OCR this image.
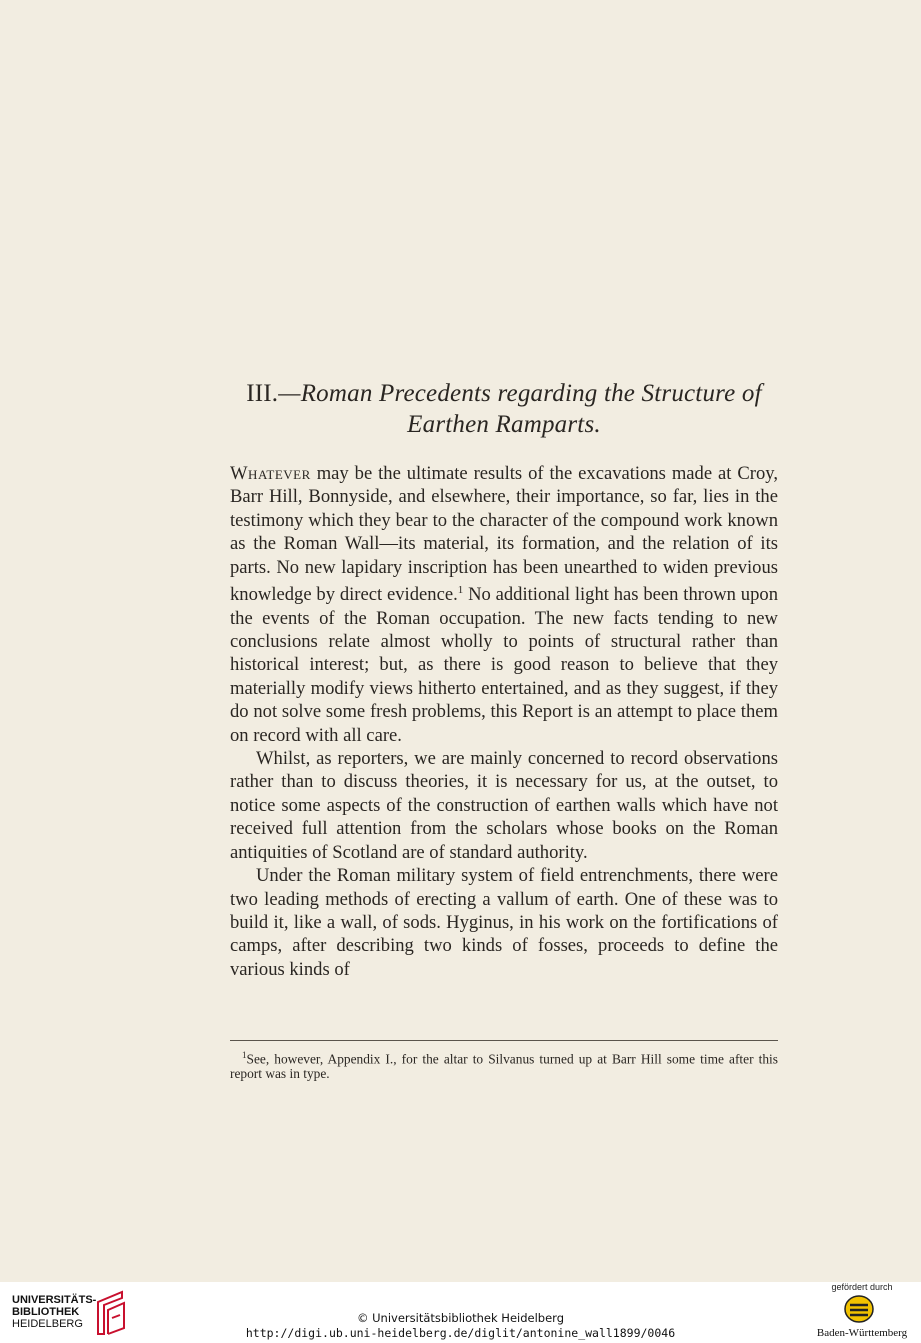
III.—Roman Precedents regarding the Structure of Earthen Ramparts.

Whatever may be the ultimate results of the excavations made at Croy, Barr Hill, Bonnyside, and elsewhere, their importance, so far, lies in the testimony which they bear to the character of the compound work known as the Roman Wall—its material, its formation, and the relation of its parts. No new lapidary inscription has been unearthed to widen previous knowledge by direct evidence.$^1$ No additional light has been thrown upon the events of the Roman occupation. The new facts tending to new conclusions relate almost wholly to points of structural rather than historical interest; but, as there is good reason to believe that they materially modify views hitherto entertained, and as they suggest, if they do not solve some fresh problems, this Report is an attempt to place them on record with all care.

Whilst, as reporters, we are mainly concerned to record observations rather than to discuss theories, it is necessary for us, at the outset, to notice some aspects of the construction of earthen walls which have not received full attention from the scholars whose books on the Roman antiquities of Scotland are of standard authority.

Under the Roman military system of field entrenchments, there were two leading methods of erecting a vallum of earth. One of these was to build it, like a wall, of sods. Hyginus, in his work on the fortifications of camps, after describing two kinds of fosses, proceeds to define the various kinds of

$^1$See, however, Appendix I., for the altar to Silvanus turned up at Barr Hill some time after this report was in type.
UNIVERSITÄTS-
BIBLIOTHEK
HEIDELBERG	© Universitätsbibliothek Heidelberg
http://digi.ub.uni-heidelberg.de/diglit/antonine_wall1899/0046
gefördert durch
Baden-Württemberg
